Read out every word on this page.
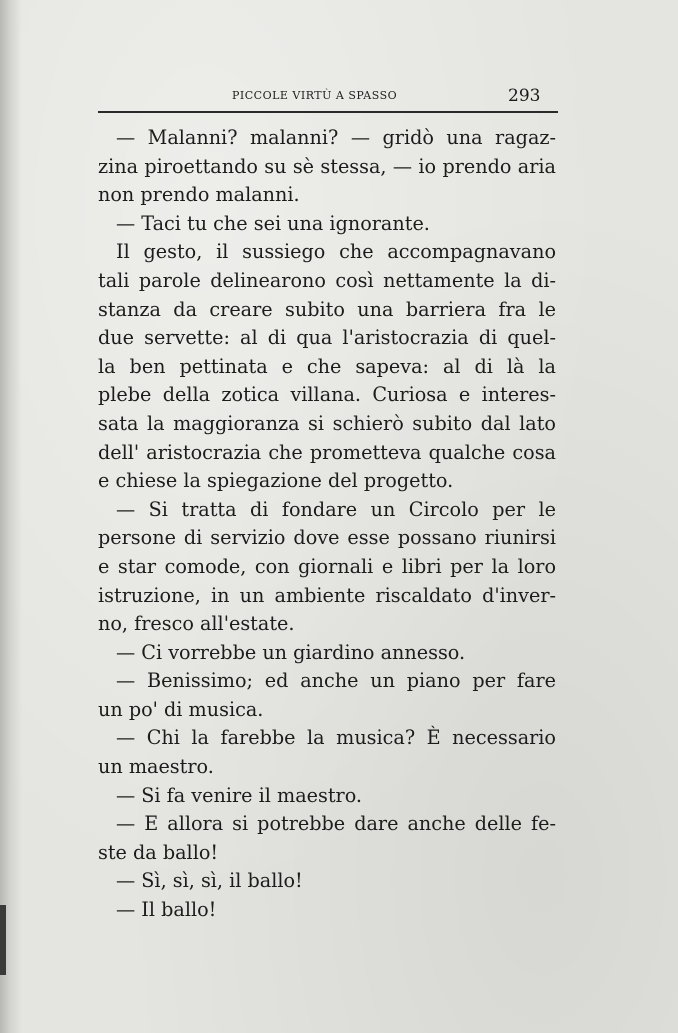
PICCOLE VIRTÙ A SPASSO	293
— Malanni? malanni? — gridò una ragaz-
zina piroettando su sè stessa, — io prendo aria
non prendo malanni.
— Taci tu che sei una ignorante.
Il gesto, il sussiego che accompagnavano
tali parole delinearono così nettamente la di-
stanza da creare subito una barriera fra le
due servette: al di qua l'aristocrazia di quel-
la ben pettinata e che sapeva: al di là la
plebe della zotica villana. Curiosa e interes-
sata la maggioranza si schierò subito dal lato
dell' aristocrazia che prometteva qualche cosa
e chiese la spiegazione del progetto.
— Si tratta di fondare un Circolo per le
persone di servizio dove esse possano riunirsi
e star comode, con giornali e libri per la loro
istruzione, in un ambiente riscaldato d'inver-
no, fresco all'estate.
— Ci vorrebbe un giardino annesso.
— Benissimo; ed anche un piano per fare
un po' di musica.
— Chi la farebbe la musica? È necessario
un maestro.
— Si fa venire il maestro.
— E allora si potrebbe dare anche delle fe-
ste da ballo!
— Sì, sì, sì, il ballo!
— Il ballo!
